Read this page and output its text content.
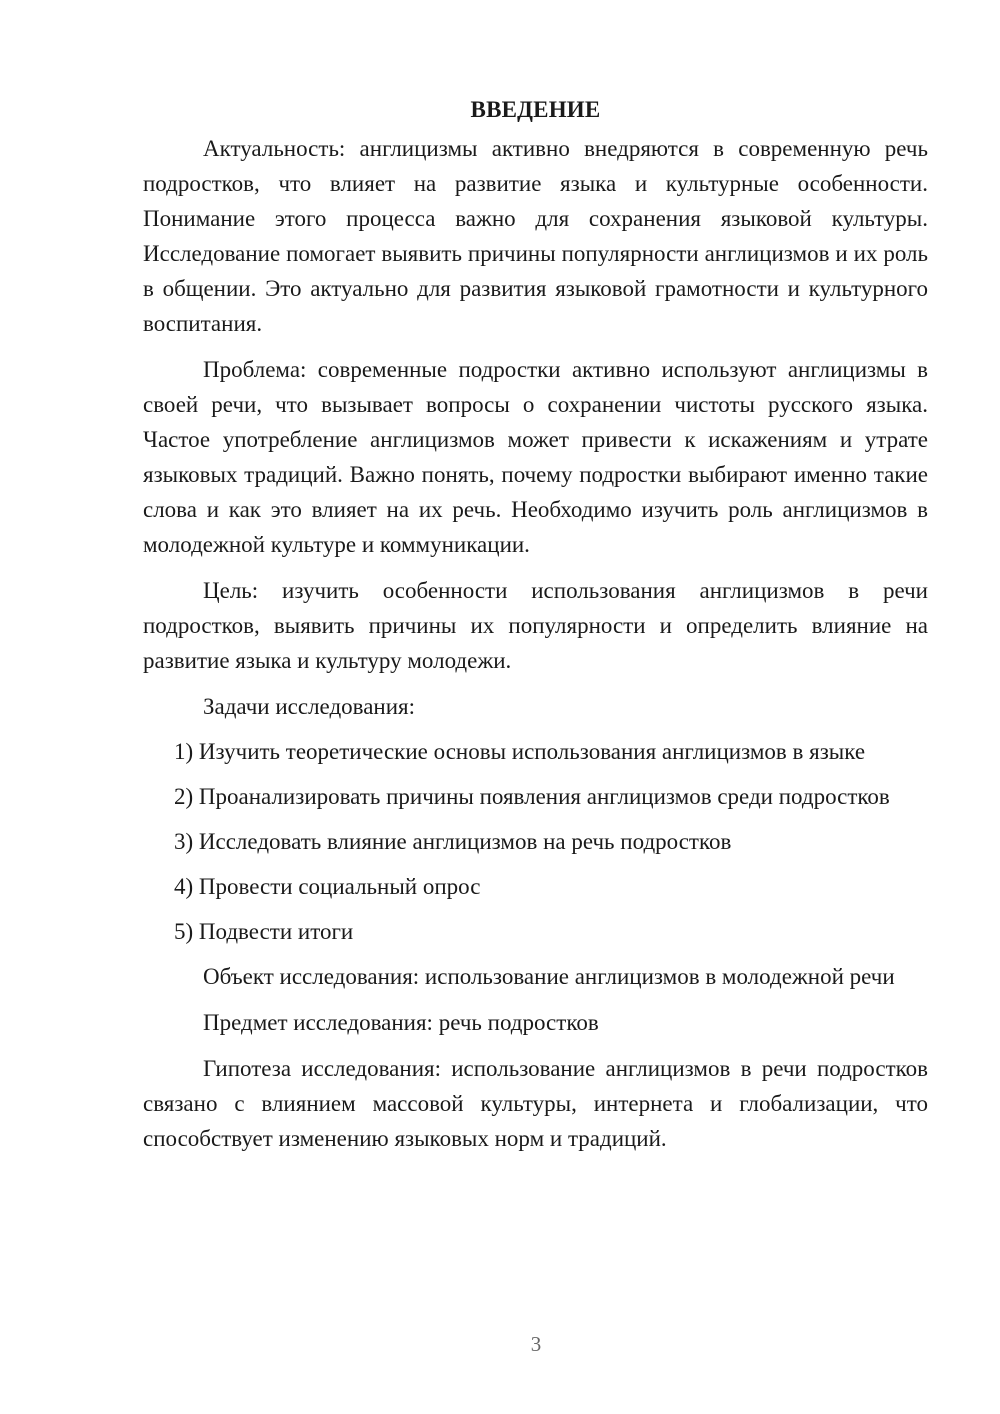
ВВЕДЕНИЕ

Актуальность: англицизмы активно внедряются в современную речь подростков, что влияет на развитие языка и культурные особенности. Понимание этого процесса важно для сохранения языковой культуры. Исследование помогает выявить причины популярности англицизмов и их роль в общении. Это актуально для развития языковой грамотности и культурного воспитания.

Проблема: современные подростки активно используют англицизмы в своей речи, что вызывает вопросы о сохранении чистоты русского языка. Частое употребление англицизмов может привести к искажениям и утрате языковых традиций. Важно понять, почему подростки выбирают именно такие слова и как это влияет на их речь. Необходимо изучить роль англицизмов в молодежной культуре и коммуникации.

Цель: изучить особенности использования англицизмов в речи подростков, выявить причины их популярности и определить влияние на развитие языка и культуру молодежи.

Задачи исследования:

1) Изучить теоретические основы использования англицизмов в языке

2) Проанализировать причины появления англицизмов среди подростков

3) Исследовать влияние англицизмов на речь подростков

4) Провести социальный опрос

5) Подвести итоги

Объект исследования: использование англицизмов в молодежной речи

Предмет исследования: речь подростков

Гипотеза исследования: использование англицизмов в речи подростков связано с влиянием массовой культуры, интернета и глобализации, что способствует изменению языковых норм и традиций.

3
